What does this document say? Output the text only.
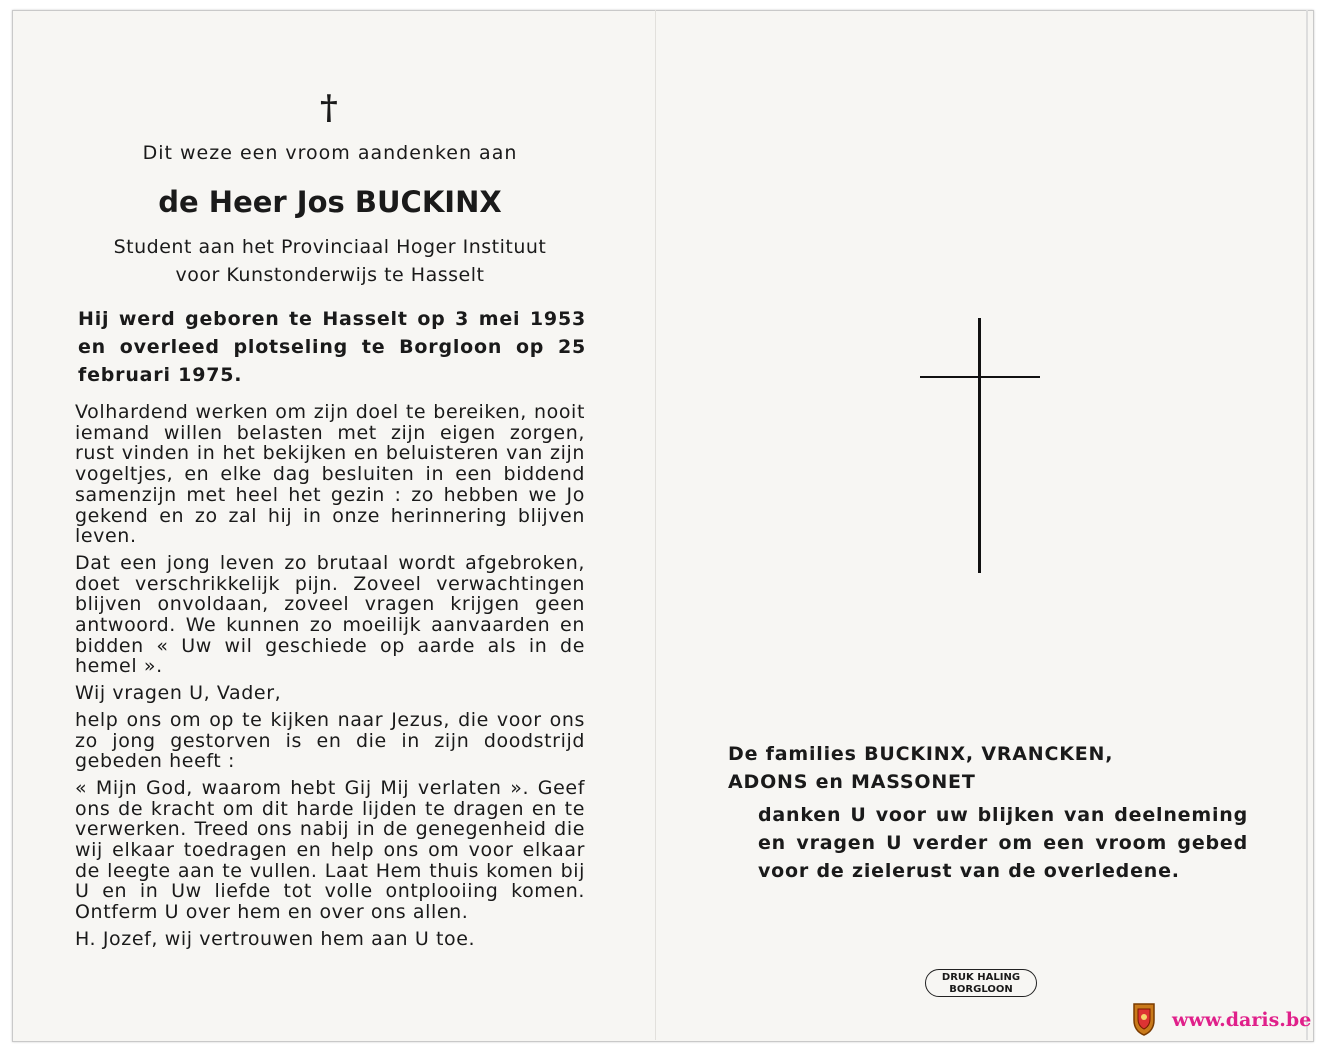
†
Dit weze een vroom aandenken aan
de Heer Jos BUCKINX
Student aan het Provinciaal Hoger Instituut
voor Kunstonderwijs te Hasselt
Hij werd geboren te Hasselt op 3 mei 1953 en overleed plotseling te Borgloon op 25 februari 1975.

Volhardend werken om zijn doel te bereiken, nooit iemand willen belasten met zijn eigen zorgen, rust vinden in het bekijken en beluisteren van zijn vogeltjes, en elke dag besluiten in een biddend samenzijn met heel het gezin : zo hebben we Jo gekend en zo zal hij in onze herinnering blijven leven.

Dat een jong leven zo brutaal wordt afgebroken, doet verschrikkelijk pijn. Zoveel verwachtingen blijven onvoldaan, zoveel vragen krijgen geen antwoord. We kunnen zo moeilijk aanvaarden en bidden « Uw wil geschiede op aarde als in de hemel ».

Wij vragen U, Vader,

help ons om op te kijken naar Jezus, die voor ons zo jong gestorven is en die in zijn doodstrijd gebeden heeft :

« Mijn God, waarom hebt Gij Mij verlaten ». Geef ons de kracht om dit harde lijden te dragen en te verwerken. Treed ons nabij in de genegenheid die wij elkaar toedragen en help ons om voor elkaar de leegte aan te vullen. Laat Hem thuis komen bij U en in Uw liefde tot volle ontplooiing komen. Ontferm U over hem en over ons allen.

H. Jozef, wij vertrouwen hem aan U toe.

De families BUCKINX, VRANCKEN,
ADONS en MASSONET
danken U voor uw blijken van deelneming en vragen U verder om een vroom gebed voor de zielerust van de overledene.
DRUK HALING
BORGLOON
www.daris.be
